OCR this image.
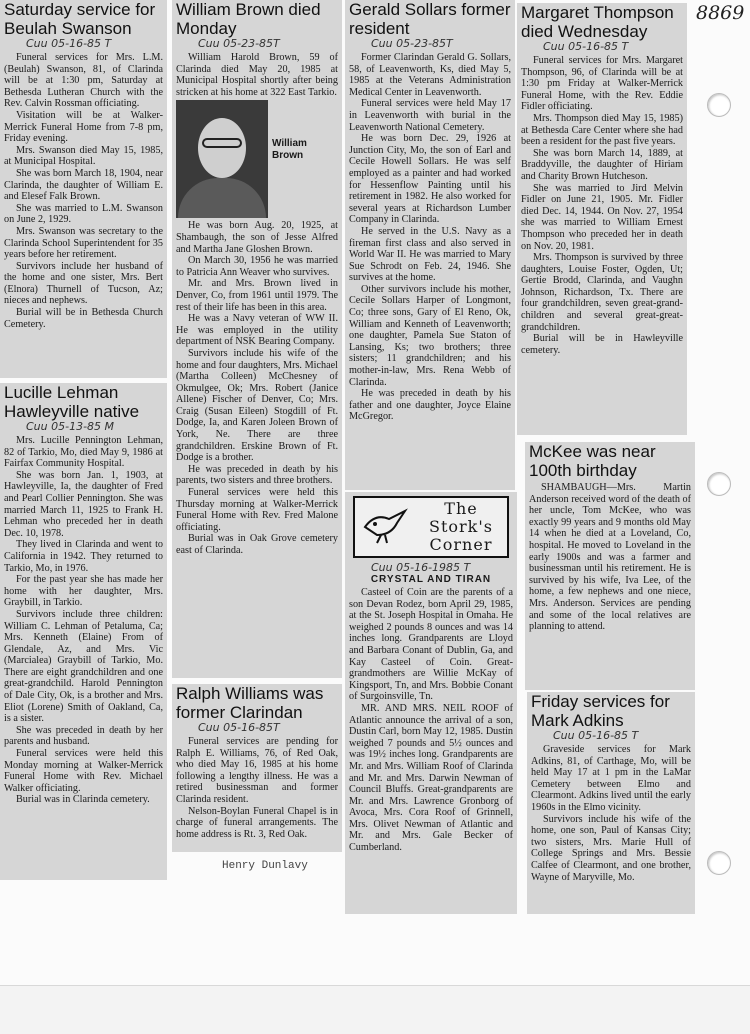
8869
Saturday service for Beulah Swanson
Cuu 05-16-85 T

Funeral services for Mrs. L.M. (Beulah) Swanson, 81, of Clarinda will be at 1:30 pm, Saturday at Bethesda Lutheran Church with the Rev. Calvin Rossman officiating.

Visitation will be at Walker-Merrick Funeral Home from 7-8 pm, Friday evening.

Mrs. Swanson died May 15, 1985, at Municipal Hospital.

She was born March 18, 1904, near Clarinda, the daughter of William E. and Elesef Falk Brown.

She was married to L.M. Swanson on June 2, 1929.

Mrs. Swanson was secretary to the Clarinda School Superintendent for 35 years before her retirement.

Survivors include her husband of the home and one sister, Mrs. Bert (Elnora) Thurnell of Tucson, Az; nieces and nephews.

Burial will be in Bethesda Church Cemetery.

William Brown died Monday
Cuu 05-23-85T

William Harold Brown, 59 of Clarinda died May 20, 1985 at Municipal Hospital shortly after being stricken at his home at 322 East Tarkio.

William Brown

He was born Aug. 20, 1925, at Shambaugh, the son of Jesse Alfred and Martha Jane Gloshen Brown.

On March 30, 1956 he was married to Patricia Ann Weaver who survives.

Mr. and Mrs. Brown lived in Denver, Co, from 1961 until 1979. The rest of their life has been in this area.

He was a Navy veteran of WW II. He was employed in the utility department of NSK Bearing Company.

Survivors include his wife of the home and four daughters, Mrs. Michael (Martha Colleen) McChesney of Okmulgee, Ok; Mrs. Robert (Janice Allene) Fischer of Denver, Co; Mrs. Craig (Susan Eileen) Stogdill of Ft. Dodge, Ia, and Karen Joleen Brown of York, Ne. There are three grandchildren. Erskine Brown of Ft. Dodge is a brother.

He was preceded in death by his parents, two sisters and three brothers.

Funeral services were held this Thursday morning at Walker-Merrick Funeral Home with Rev. Fred Malone officiating.

Burial was in Oak Grove cemetery east of Clarinda.

Gerald Sollars former resident
Cuu 05-23-85T

Former Clarindan Gerald G. Sollars, 58, of Leavenworth, Ks, died May 5, 1985 at the Veterans Administration Medical Center in Leavenworth.

Funeral services were held May 17 in Leavenworth with burial in the Leavenworth National Cemetery.

He was born Dec. 29, 1926 at Junction City, Mo, the son of Earl and Cecile Howell Sollars. He was self employed as a painter and had worked for Hessenflow Painting until his retirement in 1982. He also worked for several years at Richardson Lumber Company in Clarinda.

He served in the U.S. Navy as a fireman first class and also served in World War II. He was married to Mary Sue Schrodt on Feb. 24, 1946. She survives at the home.

Other survivors include his mother, Cecile Sollars Harper of Longmont, Co; three sons, Gary of El Reno, Ok, William and Kenneth of Leavenworth; one daughter, Pamela Sue Staton of Lansing, Ks; two brothers; three sisters; 11 grandchildren; and his mother-in-law, Mrs. Rena Webb of Clarinda.

He was preceded in death by his father and one daughter, Joyce Elaine McGregor.

Margaret Thompson died Wednesday
Cuu 05-16-85 T

Funeral services for Mrs. Margaret Thompson, 96, of Clarinda will be at 1:30 pm Friday at Walker-Merrick Funeral Home, with the Rev. Eddie Fidler officiating.

Mrs. Thompson died May 15, 1985) at Bethesda Care Center where she had been a resident for the past five years.

She was born March 14, 1889, at Braddyville, the daughter of Hiriam and Charity Brown Hutcheson.

She was married to Jird Melvin Fidler on June 21, 1905. Mr. Fidler died Dec. 14, 1944. On Nov. 27, 1954 she was married to William Ernest Thompson who preceded her in death on Nov. 20, 1981.

Mrs. Thompson is survived by three daughters, Louise Foster, Ogden, Ut; Gertie Brodd, Clarinda, and Vaughn Johnson, Richardson, Tx. There are four grandchildren, seven great-grand-children and several great-great-grandchildren.

Burial will be in Hawleyville cemetery.

Lucille Lehman Hawleyville native
Cuu 05-13-85 M

Mrs. Lucille Pennington Lehman, 82 of Tarkio, Mo, died May 9, 1986 at Fairfax Community Hospital.

She was born Jan. 1, 1903, at Hawleyville, Ia, the daughter of Fred and Pearl Collier Pennington. She was married March 11, 1925 to Frank H. Lehman who preceded her in death Dec. 10, 1978.

They lived in Clarinda and went to California in 1942. They returned to Tarkio, Mo, in 1976.

For the past year she has made her home with her daughter, Mrs. Graybill, in Tarkio.

Survivors include three children: William C. Lehman of Petaluma, Ca; Mrs. Kenneth (Elaine) From of Glendale, Az, and Mrs. Vic (Marcialea) Graybill of Tarkio, Mo. There are eight grandchildren and one great-grandchild. Harold Pennington of Dale City, Ok, is a brother and Mrs. Eliot (Lorene) Smith of Oakland, Ca, is a sister.

She was preceded in death by her parents and husband.

Funeral services were held this Monday morning at Walker-Merrick Funeral Home with Rev. Michael Walker officiating.

Burial was in Clarinda cemetery.

McKee was near 100th birthday

SHAMBAUGH—Mrs. Martin Anderson received word of the death of her uncle, Tom McKee, who was exactly 99 years and 9 months old May 14 when he died at a Loveland, Co, hospital. He moved to Loveland in the early 1900s and was a farmer and businessman until his retirement. He is survived by his wife, Iva Lee, of the home, a few nephews and one niece, Mrs. Anderson. Services are pending and some of the local relatives are planning to attend.

The Stork's Corner
Cuu 05-16-1985 T
CRYSTAL AND TIRAN

Casteel of Coin are the parents of a son Devan Rodez, born April 29, 1985, at the St. Joseph Hospital in Omaha. He weighed 2 pounds 8 ounces and was 14 inches long. Grandparents are Lloyd and Barbara Conant of Dublin, Ga, and Kay Casteel of Coin. Great-grandmothers are Willie McKay of Kingsport, Tn, and Mrs. Bobbie Conant of Surgoinsville, Tn.

MR. AND MRS. NEIL ROOF of Atlantic announce the arrival of a son, Dustin Carl, born May 12, 1985. Dustin weighed 7 pounds and 5½ ounces and was 19½ inches long. Grandparents are Mr. and Mrs. William Roof of Clarinda and Mr. and Mrs. Darwin Newman of Council Bluffs. Great-grandparents are Mr. and Mrs. Lawrence Gronborg of Avoca, Mrs. Cora Roof of Grinnell, Mrs. Olivet Newman of Atlantic and Mr. and Mrs. Gale Becker of Cumberland.

Ralph Williams was former Clarindan
Cuu 05-16-85T

Funeral services are pending for Ralph E. Williams, 76, of Red Oak, who died May 16, 1985 at his home following a lengthy illness. He was a retired businessman and former Clarinda resident.

Nelson-Boylan Funeral Chapel is in charge of funeral arrangements. The home address is Rt. 3, Red Oak.

Henry Dunlavy
Friday services for Mark Adkins
Cuu 05-16-85 T

Graveside services for Mark Adkins, 81, of Carthage, Mo, will be held May 17 at 1 pm in the LaMar Cemetery between Elmo and Clearmont. Adkins lived until the early 1960s in the Elmo vicinity.

Survivors include his wife of the home, one son, Paul of Kansas City; two sisters, Mrs. Marie Hull of College Springs and Mrs. Bessie Calfee of Clearmont, and one brother, Wayne of Maryville, Mo.
